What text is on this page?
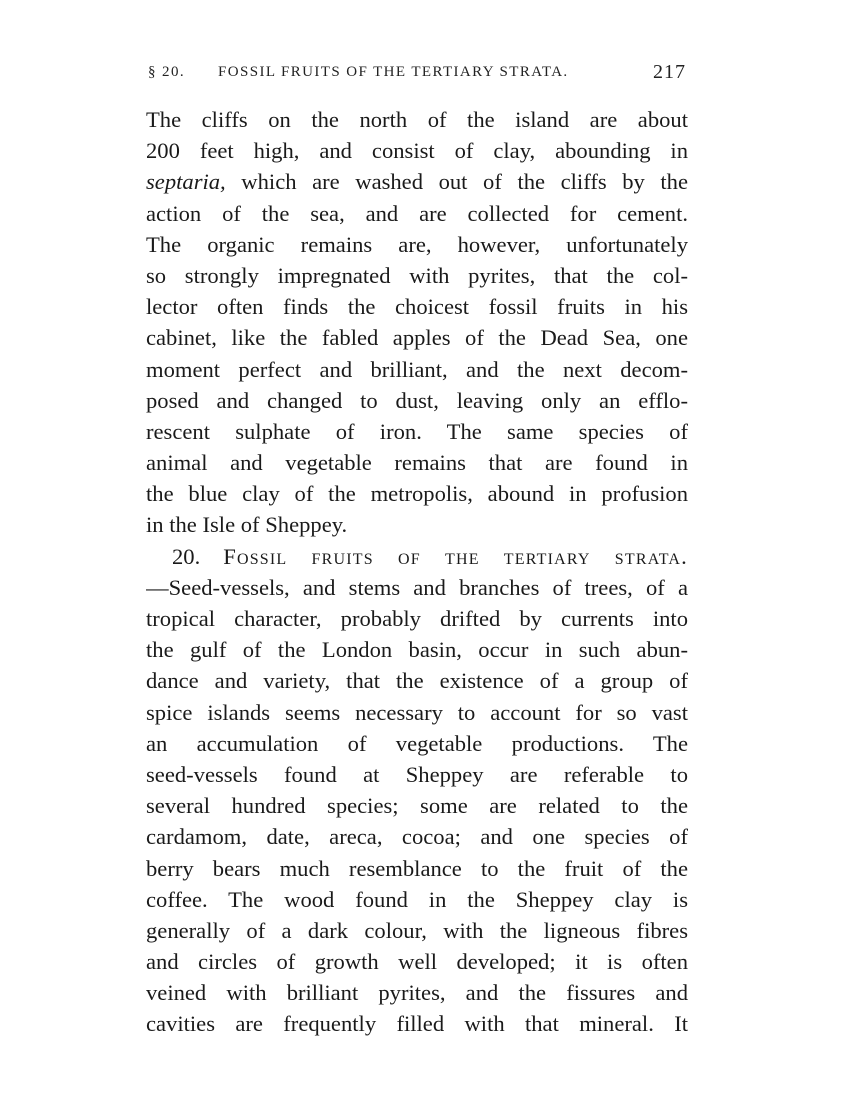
§ 20. FOSSIL FRUITS OF THE TERTIARY STRATA.	217
The cliffs on the north of the island are about
200 feet high, and consist of clay, abounding in
septaria, which are washed out of the cliffs by the
action of the sea, and are collected for cement.
The organic remains are, however, unfortunately
so strongly impregnated with pyrites, that the col-
lector often finds the choicest fossil fruits in his
cabinet, like the fabled apples of the Dead Sea, one
moment perfect and brilliant, and the next decom-
posed and changed to dust, leaving only an efflo-
rescent sulphate of iron. The same species of
animal and vegetable remains that are found in
the blue clay of the metropolis, abound in profusion
in the Isle of Sheppey.
20. Fossil fruits of the tertiary strata.
—Seed-vessels, and stems and branches of trees, of a
tropical character, probably drifted by currents into
the gulf of the London basin, occur in such abun-
dance and variety, that the existence of a group of
spice islands seems necessary to account for so vast
an accumulation of vegetable productions. The
seed-vessels found at Sheppey are referable to
several hundred species; some are related to the
cardamom, date, areca, cocoa; and one species of
berry bears much resemblance to the fruit of the
coffee. The wood found in the Sheppey clay is
generally of a dark colour, with the ligneous fibres
and circles of growth well developed; it is often
veined with brilliant pyrites, and the fissures and
cavities are frequently filled with that mineral. It
